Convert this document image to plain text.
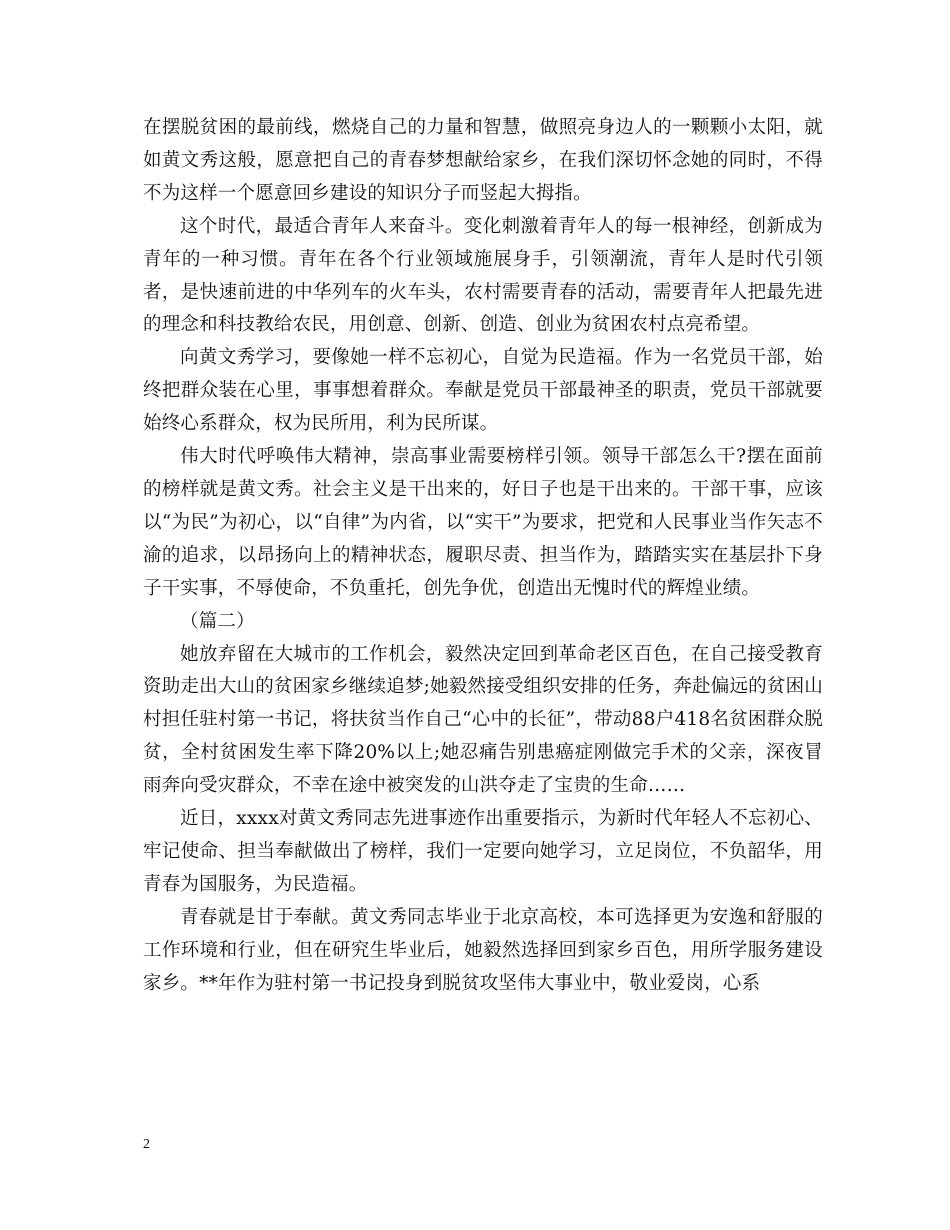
在摆脱贫困的最前线，燃烧自己的力量和智慧，做照亮身边人的一颗颗小太阳，就如黄文秀这般，愿意把自己的青春梦想献给家乡，在我们深切怀念她的同时，不得不为这样一个愿意回乡建设的知识分子而竖起大拇指。

这个时代，最适合青年人来奋斗。变化刺激着青年人的每一根神经，创新成为青年的一种习惯。青年在各个行业领域施展身手，引领潮流，青年人是时代引领者，是快速前进的中华列车的火车头，农村需要青春的活动，需要青年人把最先进的理念和科技教给农民，用创意、创新、创造、创业为贫困农村点亮希望。

向黄文秀学习，要像她一样不忘初心，自觉为民造福。作为一名党员干部，始终把群众装在心里，事事想着群众。奉献是党员干部最神圣的职责，党员干部就要始终心系群众，权为民所用，利为民所谋。

伟大时代呼唤伟大精神，崇高事业需要榜样引领。领导干部怎么干?摆在面前的榜样就是黄文秀。社会主义是干出来的，好日子也是干出来的。干部干事，应该以“为民”为初心，以“自律”为内省，以“实干”为要求，把党和人民事业当作矢志不渝的追求，以昂扬向上的精神状态，履职尽责、担当作为，踏踏实实在基层扑下身子干实事，不辱使命，不负重托，创先争优，创造出无愧时代的辉煌业绩。

（篇二）

她放弃留在大城市的工作机会，毅然决定回到革命老区百色，在自己接受教育资助走出大山的贫困家乡继续追梦;她毅然接受组织安排的任务，奔赴偏远的贫困山村担任驻村第一书记，将扶贫当作自己“心中的长征”，带动88户418名贫困群众脱贫，全村贫困发生率下降20%以上;她忍痛告别患癌症刚做完手术的父亲，深夜冒雨奔向受灾群众，不幸在途中被突发的山洪夺走了宝贵的生命……

近日，xxxx对黄文秀同志先进事迹作出重要指示，为新时代年轻人不忘初心、牢记使命、担当奉献做出了榜样，我们一定要向她学习，立足岗位，不负韶华，用青春为国服务，为民造福。

青春就是甘于奉献。黄文秀同志毕业于北京高校，本可选择更为安逸和舒服的工作环境和行业，但在研究生毕业后，她毅然选择回到家乡百色，用所学服务建设家乡。**年作为驻村第一书记投身到脱贫攻坚伟大事业中，敬业爱岗，心系

2
